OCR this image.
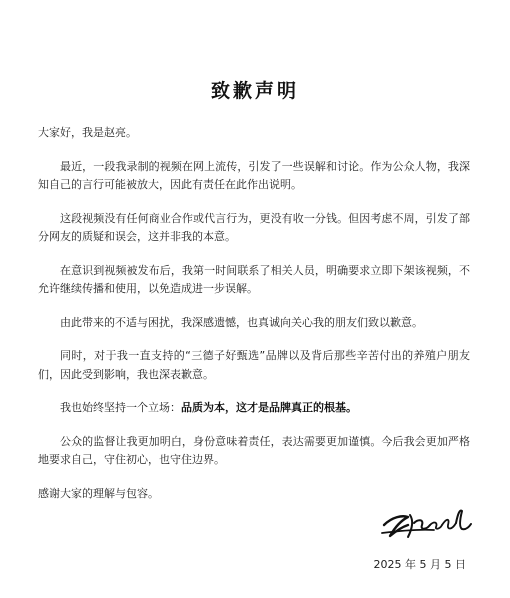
致歉声明

大家好，我是赵亮。

最近，一段我录制的视频在网上流传，引发了一些误解和讨论。作为公众人物，我深知自己的言行可能被放大，因此有责任在此作出说明。

这段视频没有任何商业合作或代言行为，更没有收一分钱。但因考虑不周，引发了部分网友的质疑和误会，这并非我的本意。

在意识到视频被发布后，我第一时间联系了相关人员，明确要求立即下架该视频，不允许继续传播和使用，以免造成进一步误解。

由此带来的不适与困扰，我深感遗憾，也真诚向关心我的朋友们致以歉意。

同时，对于我一直支持的“三德子好甄选”品牌以及背后那些辛苦付出的养殖户朋友们，因此受到影响，我也深表歉意。

我也始终坚持一个立场：品质为本，这才是品牌真正的根基。

公众的监督让我更加明白，身份意味着责任，表达需要更加谨慎。今后我会更加严格地要求自己，守住初心，也守住边界。

感谢大家的理解与包容。

2025 年 5 月 5 日
